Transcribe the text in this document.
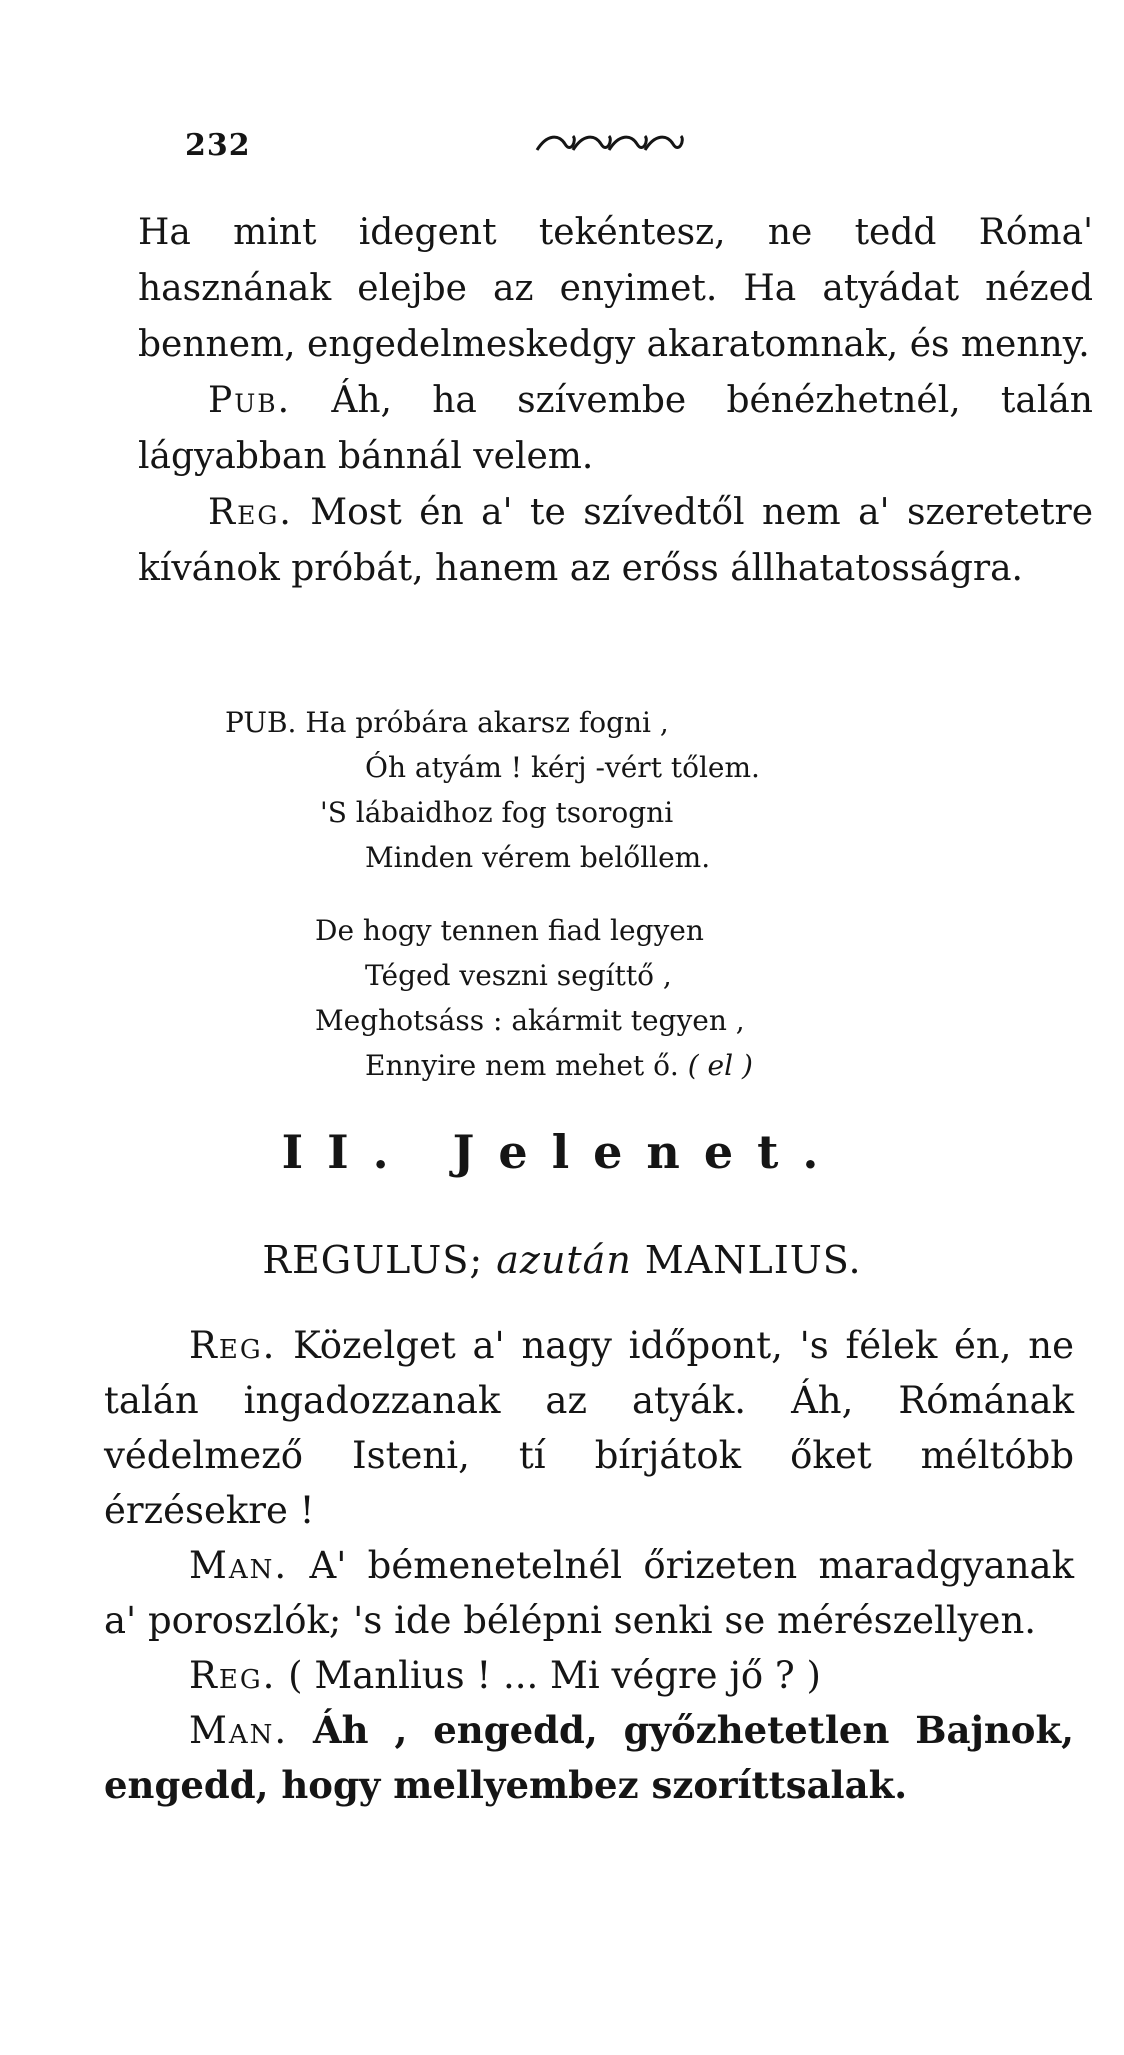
232

Ha mint idegent tekéntesz, ne tedd Róma' hasznának elejbe az enyimet. Ha atyádat nézed bennem, engedelmeskedgy akaratomnak, és menny.

Pub. Áh, ha szívembe bénézhetnél, talán lágyabban bánnál velem.

Reg. Most én a' te szívedtől nem a' szeretetre kívánok próbát, hanem az erőss állhatatosságra.

PUB. Ha próbára akarsz fogni ,
Óh atyám ! kérj -vért tőlem.
'S lábaidhoz fog tsorogni
Minden vérem belőllem.
De hogy tennen fiad legyen
Téged veszni segíttő ,
Meghotsáss : akármit tegyen ,
Ennyire nem mehet ő. ( el )
II. Jelenet.
REGULUS; azután MANLIUS.

Reg. Közelget a' nagy időpont, 's félek én, ne talán ingadozzanak az atyák. Áh, Rómának védelmező Isteni, tí bírjátok őket méltóbb érzésekre !

Man. A' bémenetelnél őrizeten maradgyanak a' poroszlók; 's ide bélépni senki se mérészellyen.

Reg. ( Manlius ! ... Mi végre jő ? )

Man. Áh , engedd, győzhetetlen Bajnok, engedd, hogy mellyembez szoríttsalak.
